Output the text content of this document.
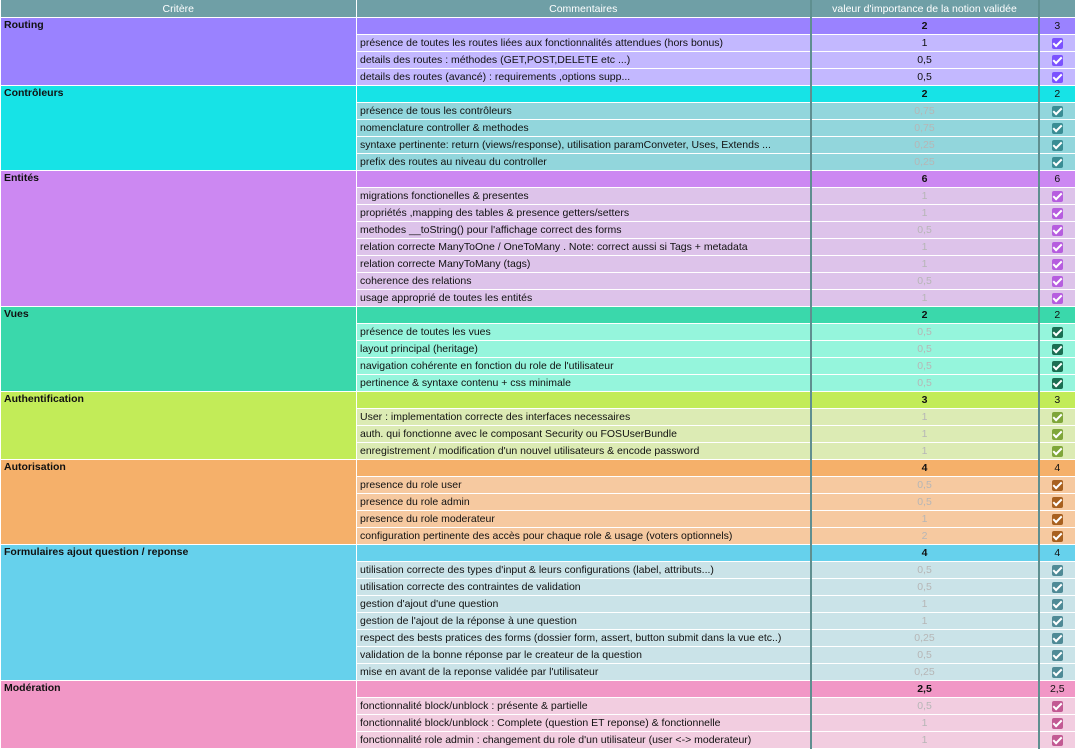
Critère	Commentaires	valeur d'importance de la notion validée	
Routing		2	3
	présence de toutes les routes liées aux fonctionnalités attendues (hors bonus)	1	
	details des routes : méthodes (GET,POST,DELETE etc ...)	0,5	
	details des routes (avancé) : requirements ,options supp...	0,5	
Contrôleurs		2	2
	présence de tous les contrôleurs	0,75	
	nomenclature controller & methodes	0,75	
	syntaxe pertinente: return (views/response), utilisation paramConveter, Uses, Extends ...	0,25	
	prefix des routes au niveau du controller	0,25	
Entités		6	6
	migrations fonctionelles & presentes	1	
	propriétés ,mapping des tables & presence getters/setters	1	
	methodes __toString() pour l'affichage correct des forms	0,5	
	relation correcte ManyToOne / OneToMany . Note: correct aussi si Tags + metadata	1	
	relation correcte ManyToMany (tags)	1	
	coherence des relations	0,5	
	usage approprié de toutes les entités	1	
Vues		2	2
	présence de toutes les vues	0,5	
	layout principal (heritage)	0,5	
	navigation cohérente en fonction du role de l'utilisateur	0,5	
	pertinence & syntaxe contenu + css minimale	0,5	
Authentification		3	3
	User : implementation correcte des interfaces necessaires	1	
	auth. qui fonctionne avec le composant Security ou FOSUserBundle	1	
	enregistrement / modification d'un nouvel utilisateurs & encode password	1	
Autorisation		4	4
	presence du role user	0,5	
	presence du role admin	0,5	
	presence du role moderateur	1	
	configuration pertinente des accès pour chaque role & usage (voters optionnels)	2	
Formulaires ajout question / reponse		4	4
	utilisation correcte des types d'input & leurs configurations (label, attributs...)	0,5	
	utilisation correcte des contraintes de validation	0,5	
	gestion d'ajout d'une question	1	
	gestion de l'ajout de la réponse à une question	1	
	respect des bests pratices des forms (dossier form, assert, button submit dans la vue etc..)	0,25	
	validation de la bonne réponse par le createur de la question	0,5	
	mise en avant de la reponse validée par l'utilisateur	0,25	
Modération		2,5	2,5
	fonctionnalité block/unblock : présente & partielle	0,5	
	fonctionnalité block/unblock : Complete (question ET reponse) & fonctionnelle	1	
	fonctionnalité role admin : changement du role d'un utilisateur (user <-> moderateur)	1	
